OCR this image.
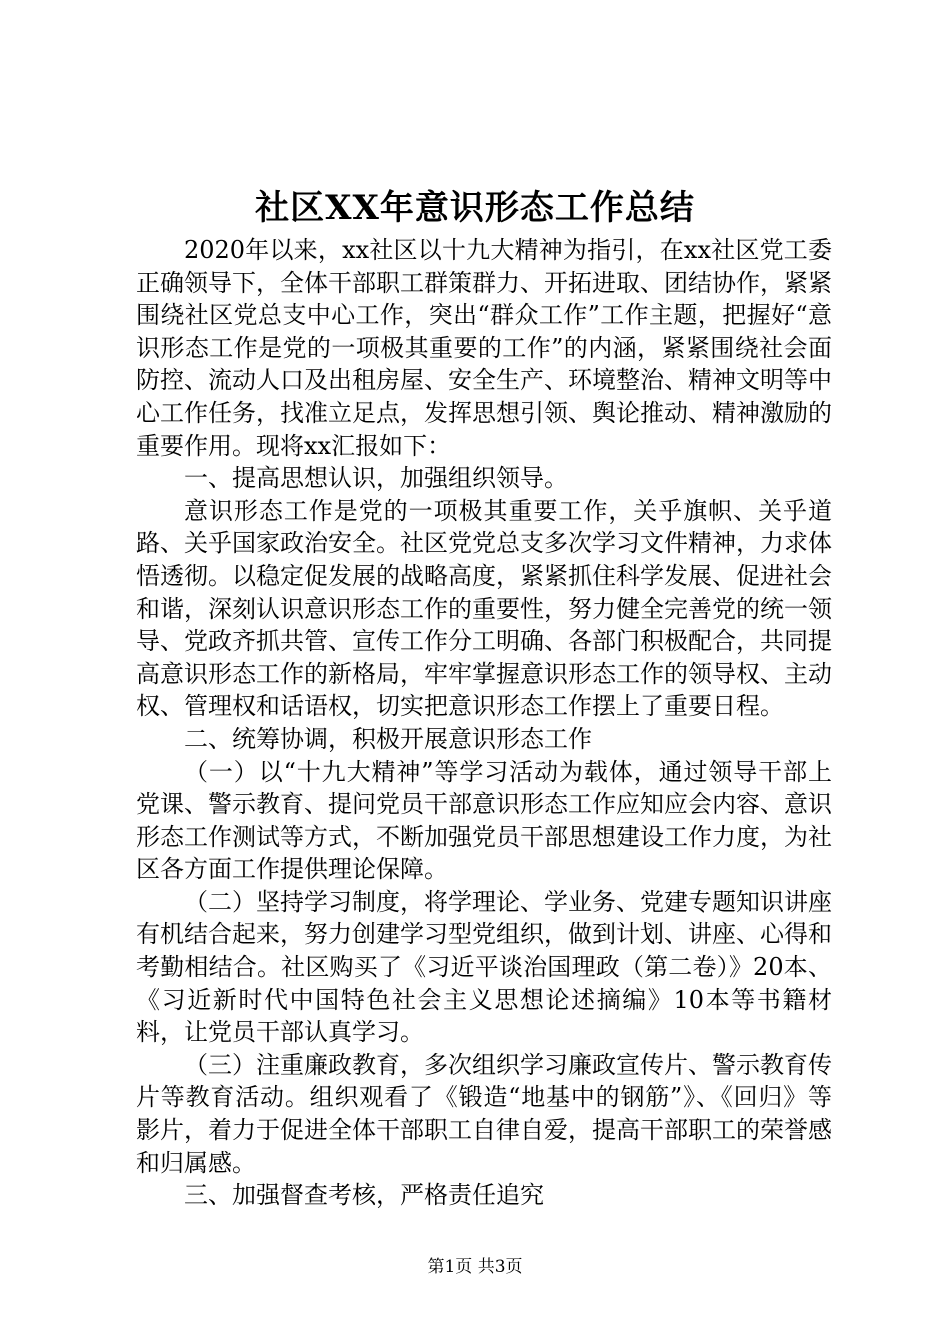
社区XX年意识形态工作总结

2020年以来，xx社区以十九大精神为指引，在xx社区党工委正确领导下，全体干部职工群策群力、开拓进取、团结协作，紧紧围绕社区党总支中心工作，突出“群众工作”工作主题，把握好“意识形态工作是党的一项极其重要的工作”的内涵，紧紧围绕社会面防控、流动人口及出租房屋、安全生产、环境整治、精神文明等中心工作任务，找准立足点，发挥思想引领、舆论推动、精神激励的重要作用。现将xx汇报如下：

一、提高思想认识，加强组织领导。

意识形态工作是党的一项极其重要工作，关乎旗帜、关乎道路、关乎国家政治安全。社区党党总支多次学习文件精神，力求体悟透彻。以稳定促发展的战略高度，紧紧抓住科学发展、促进社会和谐，深刻认识意识形态工作的重要性，努力健全完善党的统一领导、党政齐抓共管、宣传工作分工明确、各部门积极配合，共同提高意识形态工作的新格局，牢牢掌握意识形态工作的领导权、主动权、管理权和话语权，切实把意识形态工作摆上了重要日程。

二、统筹协调，积极开展意识形态工作

（一）以“十九大精神”等学习活动为载体，通过领导干部上党课、警示教育、提问党员干部意识形态工作应知应会内容、意识形态工作测试等方式，不断加强党员干部思想建设工作力度，为社区各方面工作提供理论保障。

（二）坚持学习制度，将学理论、学业务、党建专题知识讲座有机结合起来，努力创建学习型党组织，做到计划、讲座、心得和考勤相结合。社区购买了《习近平谈治国理政（第二卷）》20本、《习近新时代中国特色社会主义思想论述摘编》10本等书籍材料，让党员干部认真学习。

（三）注重廉政教育，多次组织学习廉政宣传片、警示教育传片等教育活动。组织观看了《锻造“地基中的钢筋”》、《回归》等影片，着力于促进全体干部职工自律自爱，提高干部职工的荣誉感和归属感。

三、加强督查考核，严格责任追究

第1页 共3页
